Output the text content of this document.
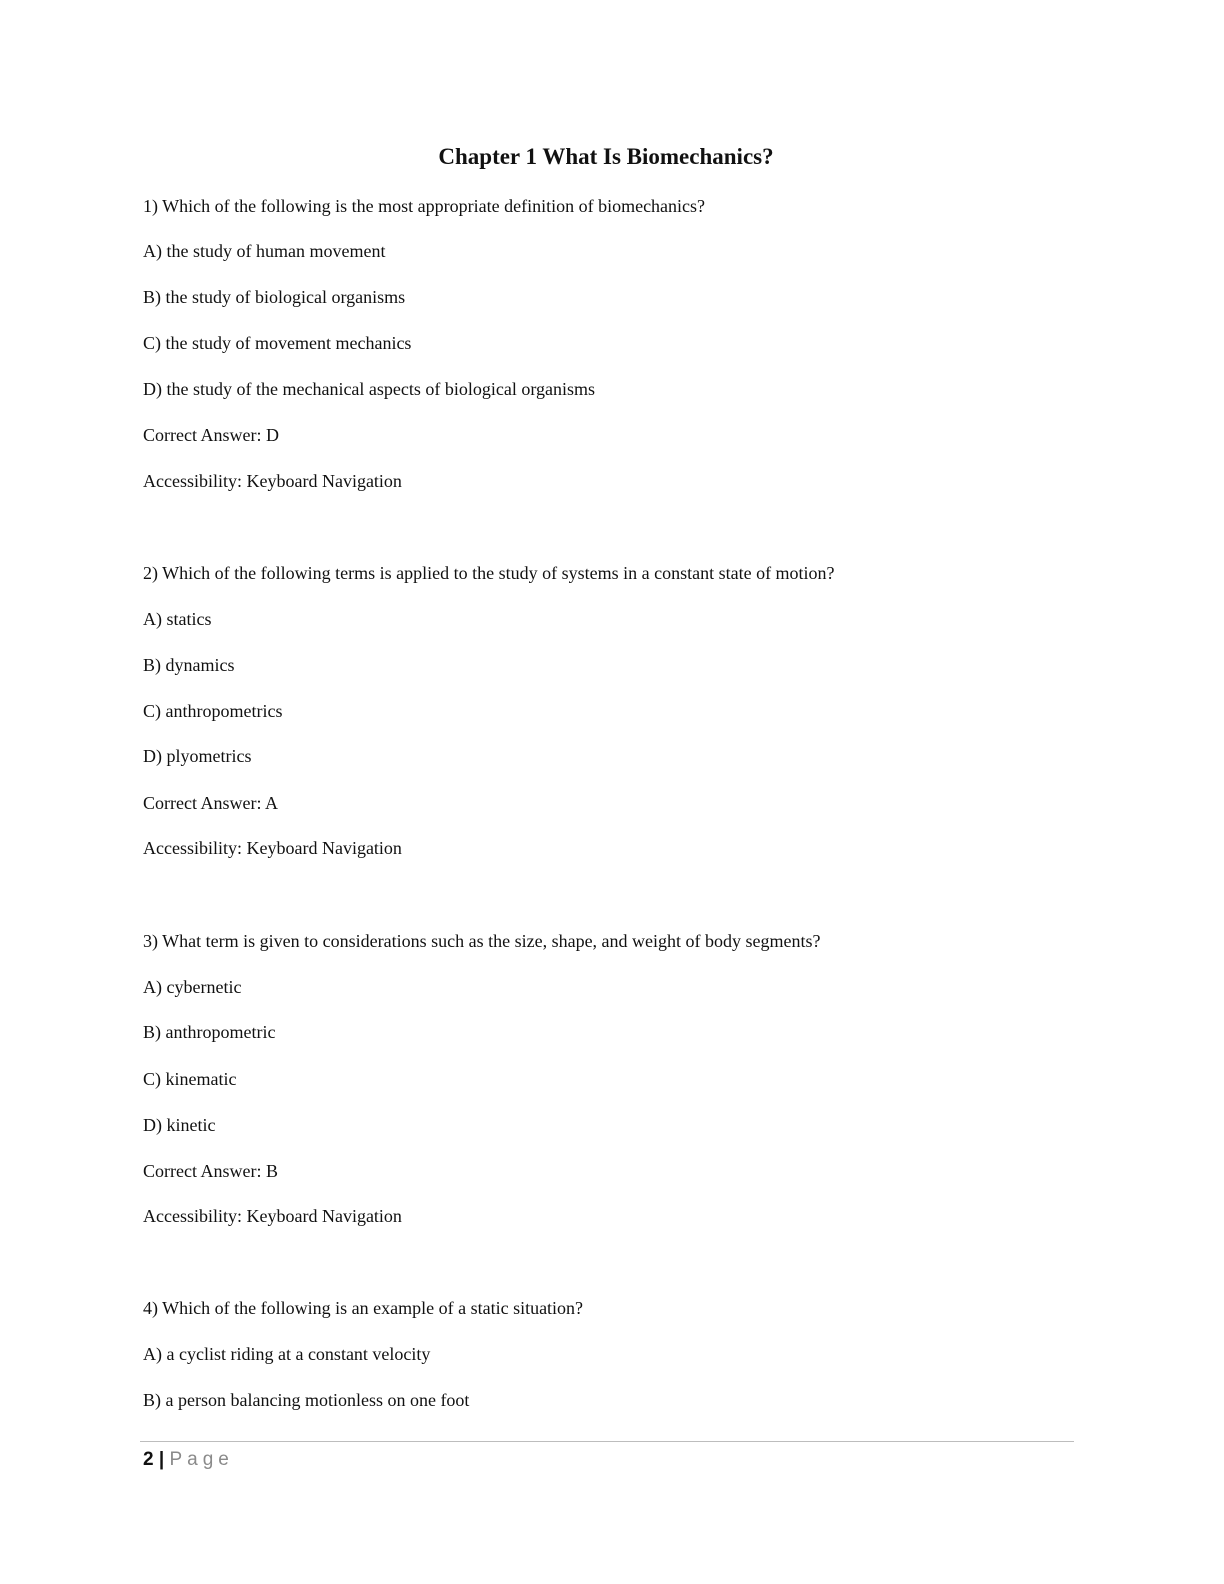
Chapter 1 What Is Biomechanics?
1) Which of the following is the most appropriate definition of biomechanics?
A) the study of human movement
B) the study of biological organisms
C) the study of movement mechanics
D) the study of the mechanical aspects of biological organisms
Correct Answer: D
Accessibility: Keyboard Navigation
2) Which of the following terms is applied to the study of systems in a constant state of motion?
A) statics
B) dynamics
C) anthropometrics
D) plyometrics
Correct Answer: A
Accessibility: Keyboard Navigation
3) What term is given to considerations such as the size, shape, and weight of body segments?
A) cybernetic
B) anthropometric
C) kinematic
D) kinetic
Correct Answer: B
Accessibility: Keyboard Navigation
4) Which of the following is an example of a static situation?
A) a cyclist riding at a constant velocity
B) a person balancing motionless on one foot
2 | Page
